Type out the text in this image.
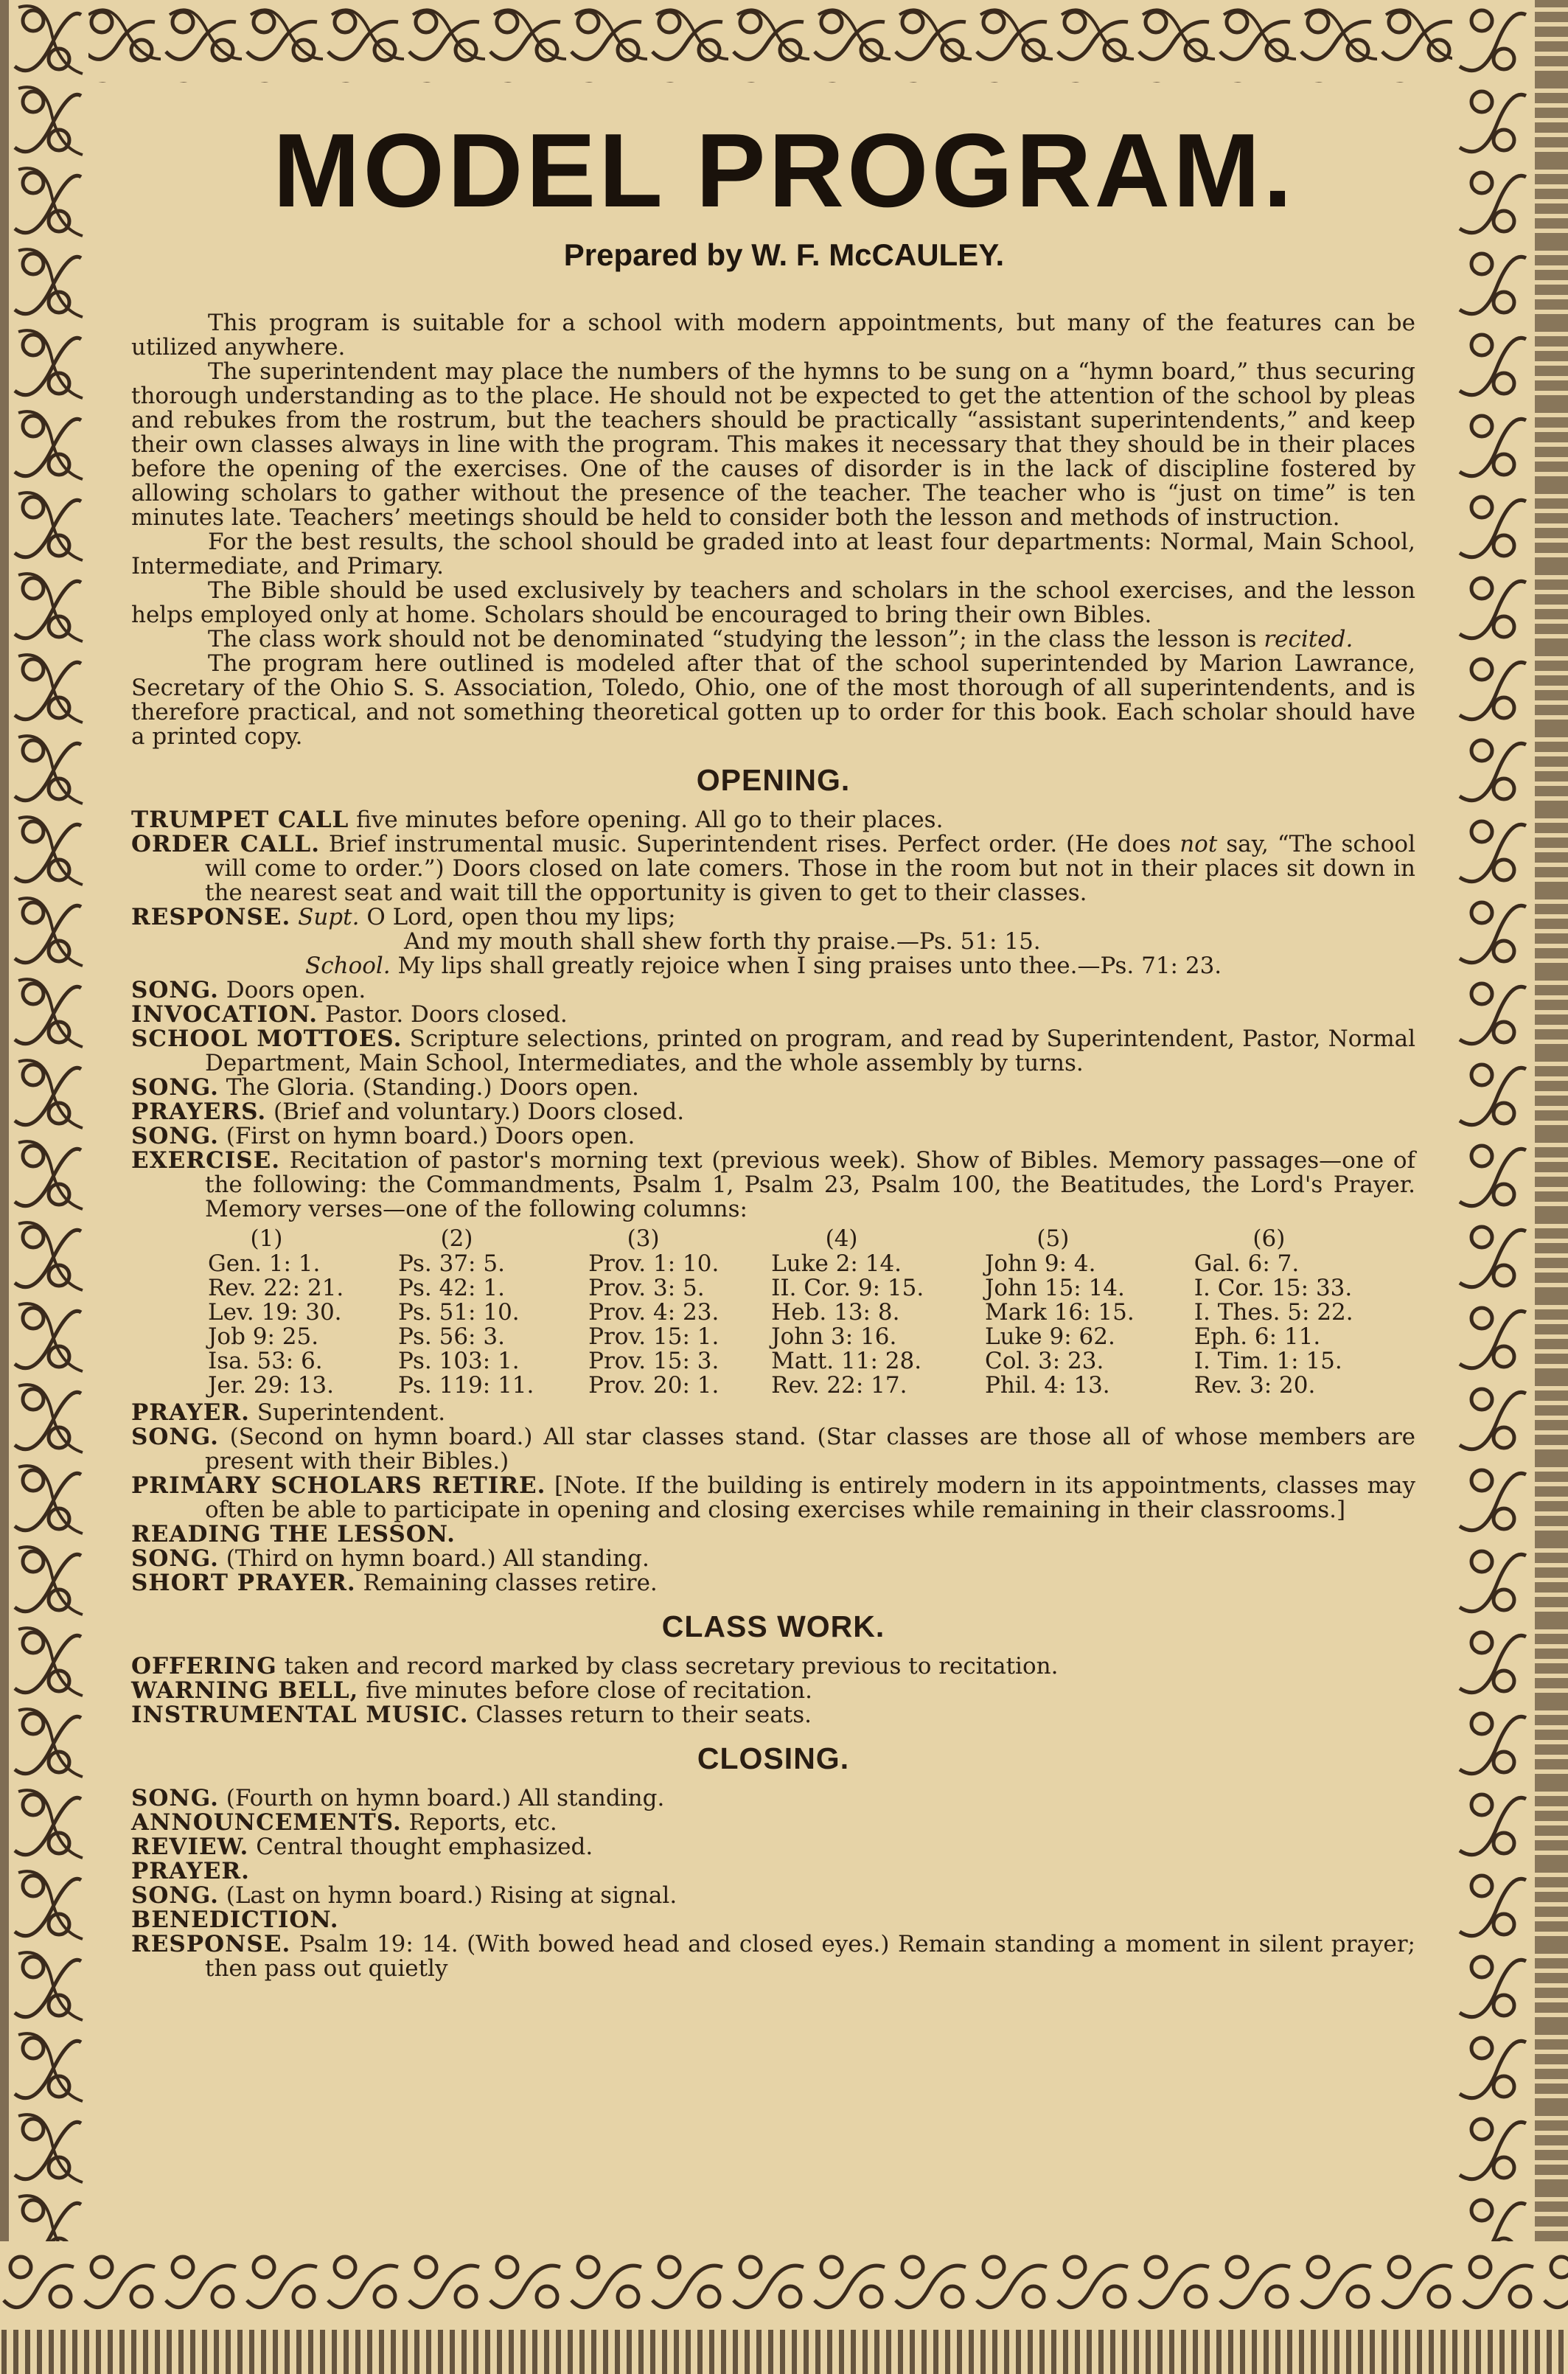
MODEL PROGRAM.
Prepared by W. F. McCAULEY.

This program is suitable for a school with modern appointments, but many of the features can be utilized anywhere.

The superintendent may place the numbers of the hymns to be sung on a “hymn board,” thus securing thorough understanding as to the place. He should not be expected to get the attention of the school by pleas and rebukes from the rostrum, but the teachers should be practically “assistant superintendents,” and keep their own classes always in line with the program. This makes it necessary that they should be in their places before the opening of the exercises. One of the causes of disorder is in the lack of discipline fostered by allowing scholars to gather without the presence of the teacher. The teacher who is “just on time” is ten minutes late. Teachers’ meetings should be held to consider both the lesson and methods of instruction.

For the best results, the school should be graded into at least four departments: Normal, Main School, Intermediate, and Primary.

The Bible should be used exclusively by teachers and scholars in the school exercises, and the lesson helps employed only at home. Scholars should be encouraged to bring their own Bibles.

The class work should not be denominated “studying the lesson”; in the class the lesson is recited.

The program here outlined is modeled after that of the school superintended by Marion Lawrance, Secretary of the Ohio S. S. Association, Toledo, Ohio, one of the most thorough of all superintendents, and is therefore practical, and not something theoretical gotten up to order for this book. Each scholar should have a printed copy.

OPENING.
TRUMPET CALL five minutes before opening. All go to their places.
ORDER CALL. Brief instrumental music. Superintendent rises. Perfect order. (He does not say, “The school will come to order.”) Doors closed on late comers. Those in the room but not in their places sit down in the nearest seat and wait till the opportunity is given to get to their classes.
RESPONSE. Supt. O Lord, open thou my lips;
And my mouth shall shew forth thy praise.—Ps. 51: 15.
School. My lips shall greatly rejoice when I sing praises unto thee.—Ps. 71: 23.
SONG. Doors open.
INVOCATION. Pastor. Doors closed.
SCHOOL MOTTOES. Scripture selections, printed on program, and read by Superintendent, Pastor, Normal Department, Main School, Intermediates, and the whole assembly by turns.
SONG. The Gloria. (Standing.) Doors open.
PRAYERS. (Brief and voluntary.) Doors closed.
SONG. (First on hymn board.) Doors open.
EXERCISE. Recitation of pastor's morning text (previous week). Show of Bibles. Memory passages—one of the following: the Commandments, Psalm 1, Psalm 23, Psalm 100, the Beatitudes, the Lord's Prayer. Memory verses—one of the following columns:
(1)	(2)	(3)	(4)	(5)	(6)
Gen. 1: 1.	Ps. 37: 5.	Prov. 1: 10.	Luke 2: 14.	John 9: 4.	Gal. 6: 7.
Rev. 22: 21.	Ps. 42: 1.	Prov. 3: 5.	II. Cor. 9: 15.	John 15: 14.	I. Cor. 15: 33.
Lev. 19: 30.	Ps. 51: 10.	Prov. 4: 23.	Heb. 13: 8.	Mark 16: 15.	I. Thes. 5: 22.
Job 9: 25.	Ps. 56: 3.	Prov. 15: 1.	John 3: 16.	Luke 9: 62.	Eph. 6: 11.
Isa. 53: 6.	Ps. 103: 1.	Prov. 15: 3.	Matt. 11: 28.	Col. 3: 23.	I. Tim. 1: 15.
Jer. 29: 13.	Ps. 119: 11.	Prov. 20: 1.	Rev. 22: 17.	Phil. 4: 13.	Rev. 3: 20.
PRAYER. Superintendent.
SONG. (Second on hymn board.) All star classes stand. (Star classes are those all of whose members are present with their Bibles.)
PRIMARY SCHOLARS RETIRE. [Note. If the building is entirely modern in its appointments, classes may often be able to participate in opening and closing exercises while remaining in their classrooms.]
READING THE LESSON.
SONG. (Third on hymn board.) All standing.
SHORT PRAYER. Remaining classes retire.
CLASS WORK.
OFFERING taken and record marked by class secretary previous to recitation.
WARNING BELL, five minutes before close of recitation.
INSTRUMENTAL MUSIC. Classes return to their seats.
CLOSING.
SONG. (Fourth on hymn board.) All standing.
ANNOUNCEMENTS. Reports, etc.
REVIEW. Central thought emphasized.
PRAYER.
SONG. (Last on hymn board.) Rising at signal.
BENEDICTION.
RESPONSE. Psalm 19: 14. (With bowed head and closed eyes.) Remain standing a moment in silent prayer; then pass out quietly
